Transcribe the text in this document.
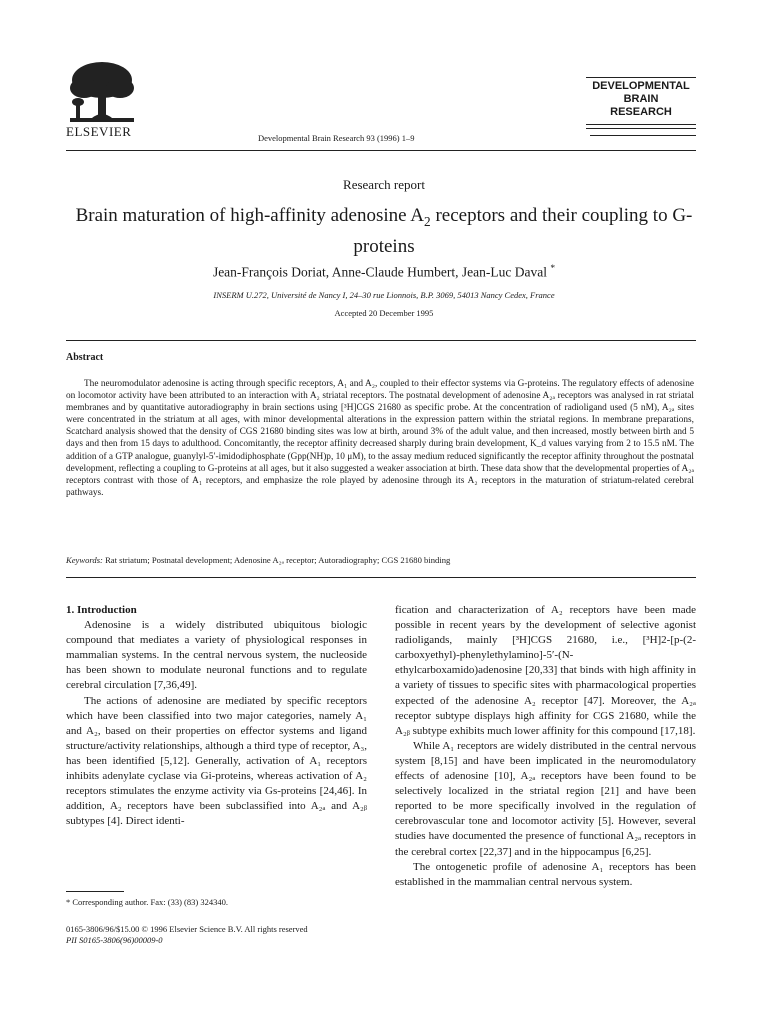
ELSEVIER	Developmental Brain Research 93 (1996) 1–9
DEVELOPMENTAL
BRAIN
RESEARCH
Research report
Brain maturation of high-affinity adenosine $A_2$ receptors and their coupling to G-proteins
Jean-François Doriat, Anne-Claude Humbert, Jean-Luc Daval *
INSERM U.272, Université de Nancy I, 24–30 rue Lionnois, B.P. 3069, 54013 Nancy Cedex, France
Accepted 20 December 1995
Abstract
The neuromodulator adenosine is acting through specific receptors, A₁ and A₂, coupled to their effector systems via G-proteins. The regulatory effects of adenosine on locomotor activity have been attributed to an interaction with A₂ striatal receptors. The postnatal development of adenosine A₂ₐ receptors was analysed in rat striatal membranes and by quantitative autoradiography in brain sections using [³H]CGS 21680 as specific probe. At the concentration of radioligand used (5 nM), A₂ₐ sites were concentrated in the striatum at all ages, with minor developmental alterations in the expression pattern within the striatal regions. In membrane preparations, Scatchard analysis showed that the density of CGS 21680 binding sites was low at birth, around 3% of the adult value, and then increased, mostly between birth and 5 days and then from 15 days to adulthood. Concomitantly, the receptor affinity decreased sharply during brain development, K_d values varying from 2 to 15.5 nM. The addition of a GTP analogue, guanylyl-5′-imidodiphosphate (Gpp(NH)p, 10 μM), to the assay medium reduced significantly the receptor affinity throughout the postnatal development, reflecting a coupling to G-proteins at all ages, but it also suggested a weaker association at birth. These data show that the developmental properties of A₂ₐ receptors contrast with those of A₁ receptors, and emphasize the role played by adenosine through its A₂ receptors in the maturation of striatum-related cerebral pathways.
Keywords: Rat striatum; Postnatal development; Adenosine A₂ₐ receptor; Autoradiography; CGS 21680 binding

1. Introduction

Adenosine is a widely distributed ubiquitous biologic compound that mediates a variety of physiological responses in mammalian systems. In the central nervous system, the nucleoside has been shown to modulate neuronal functions and to regulate cerebral circulation [7,36,49].

The actions of adenosine are mediated by specific receptors which have been classified into two major categories, namely A₁ and A₂, based on their properties on effector systems and ligand structure/activity relationships, although a third type of receptor, A₃, has been identified [5,12]. Generally, activation of A₁ receptors inhibits adenylate cyclase via Gi-proteins, whereas activation of A₂ receptors stimulates the enzyme activity via Gs-proteins [24,46]. In addition, A₂ receptors have been subclassified into A₂ₐ and A₂ᵦ subtypes [4]. Direct identi-

fication and characterization of A₂ receptors have been made possible in recent years by the development of selective agonist radioligands, mainly [³H]CGS 21680, i.e., [³H]2-[p-(2-carboxyethyl)-phenylethylamino]-5′-(N-ethylcarboxamido)adenosine [20,33] that binds with high affinity in a variety of tissues to specific sites with pharmacological properties expected of the adenosine A₂ receptor [47]. Moreover, the A₂ₐ receptor subtype displays high affinity for CGS 21680, while the A₂ᵦ subtype exhibits much lower affinity for this compound [17,18].

While A₁ receptors are widely distributed in the central nervous system [8,15] and have been implicated in the neuromodulatory effects of adenosine [10], A₂ₐ receptors have been found to be selectively localized in the striatal region [21] and have been reported to be more specifically involved in the regulation of cerebrovascular tone and locomotor activity [5]. However, several studies have documented the presence of functional A₂ₐ receptors in the cerebral cortex [22,37] and in the hippocampus [6,25].

The ontogenetic profile of adenosine A₁ receptors has been established in the mammalian central nervous system.

* Corresponding author. Fax: (33) (83) 324340.
0165-3806/96/$15.00 © 1996 Elsevier Science B.V. All rights reserved
PII S0165-3806(96)00009-0
